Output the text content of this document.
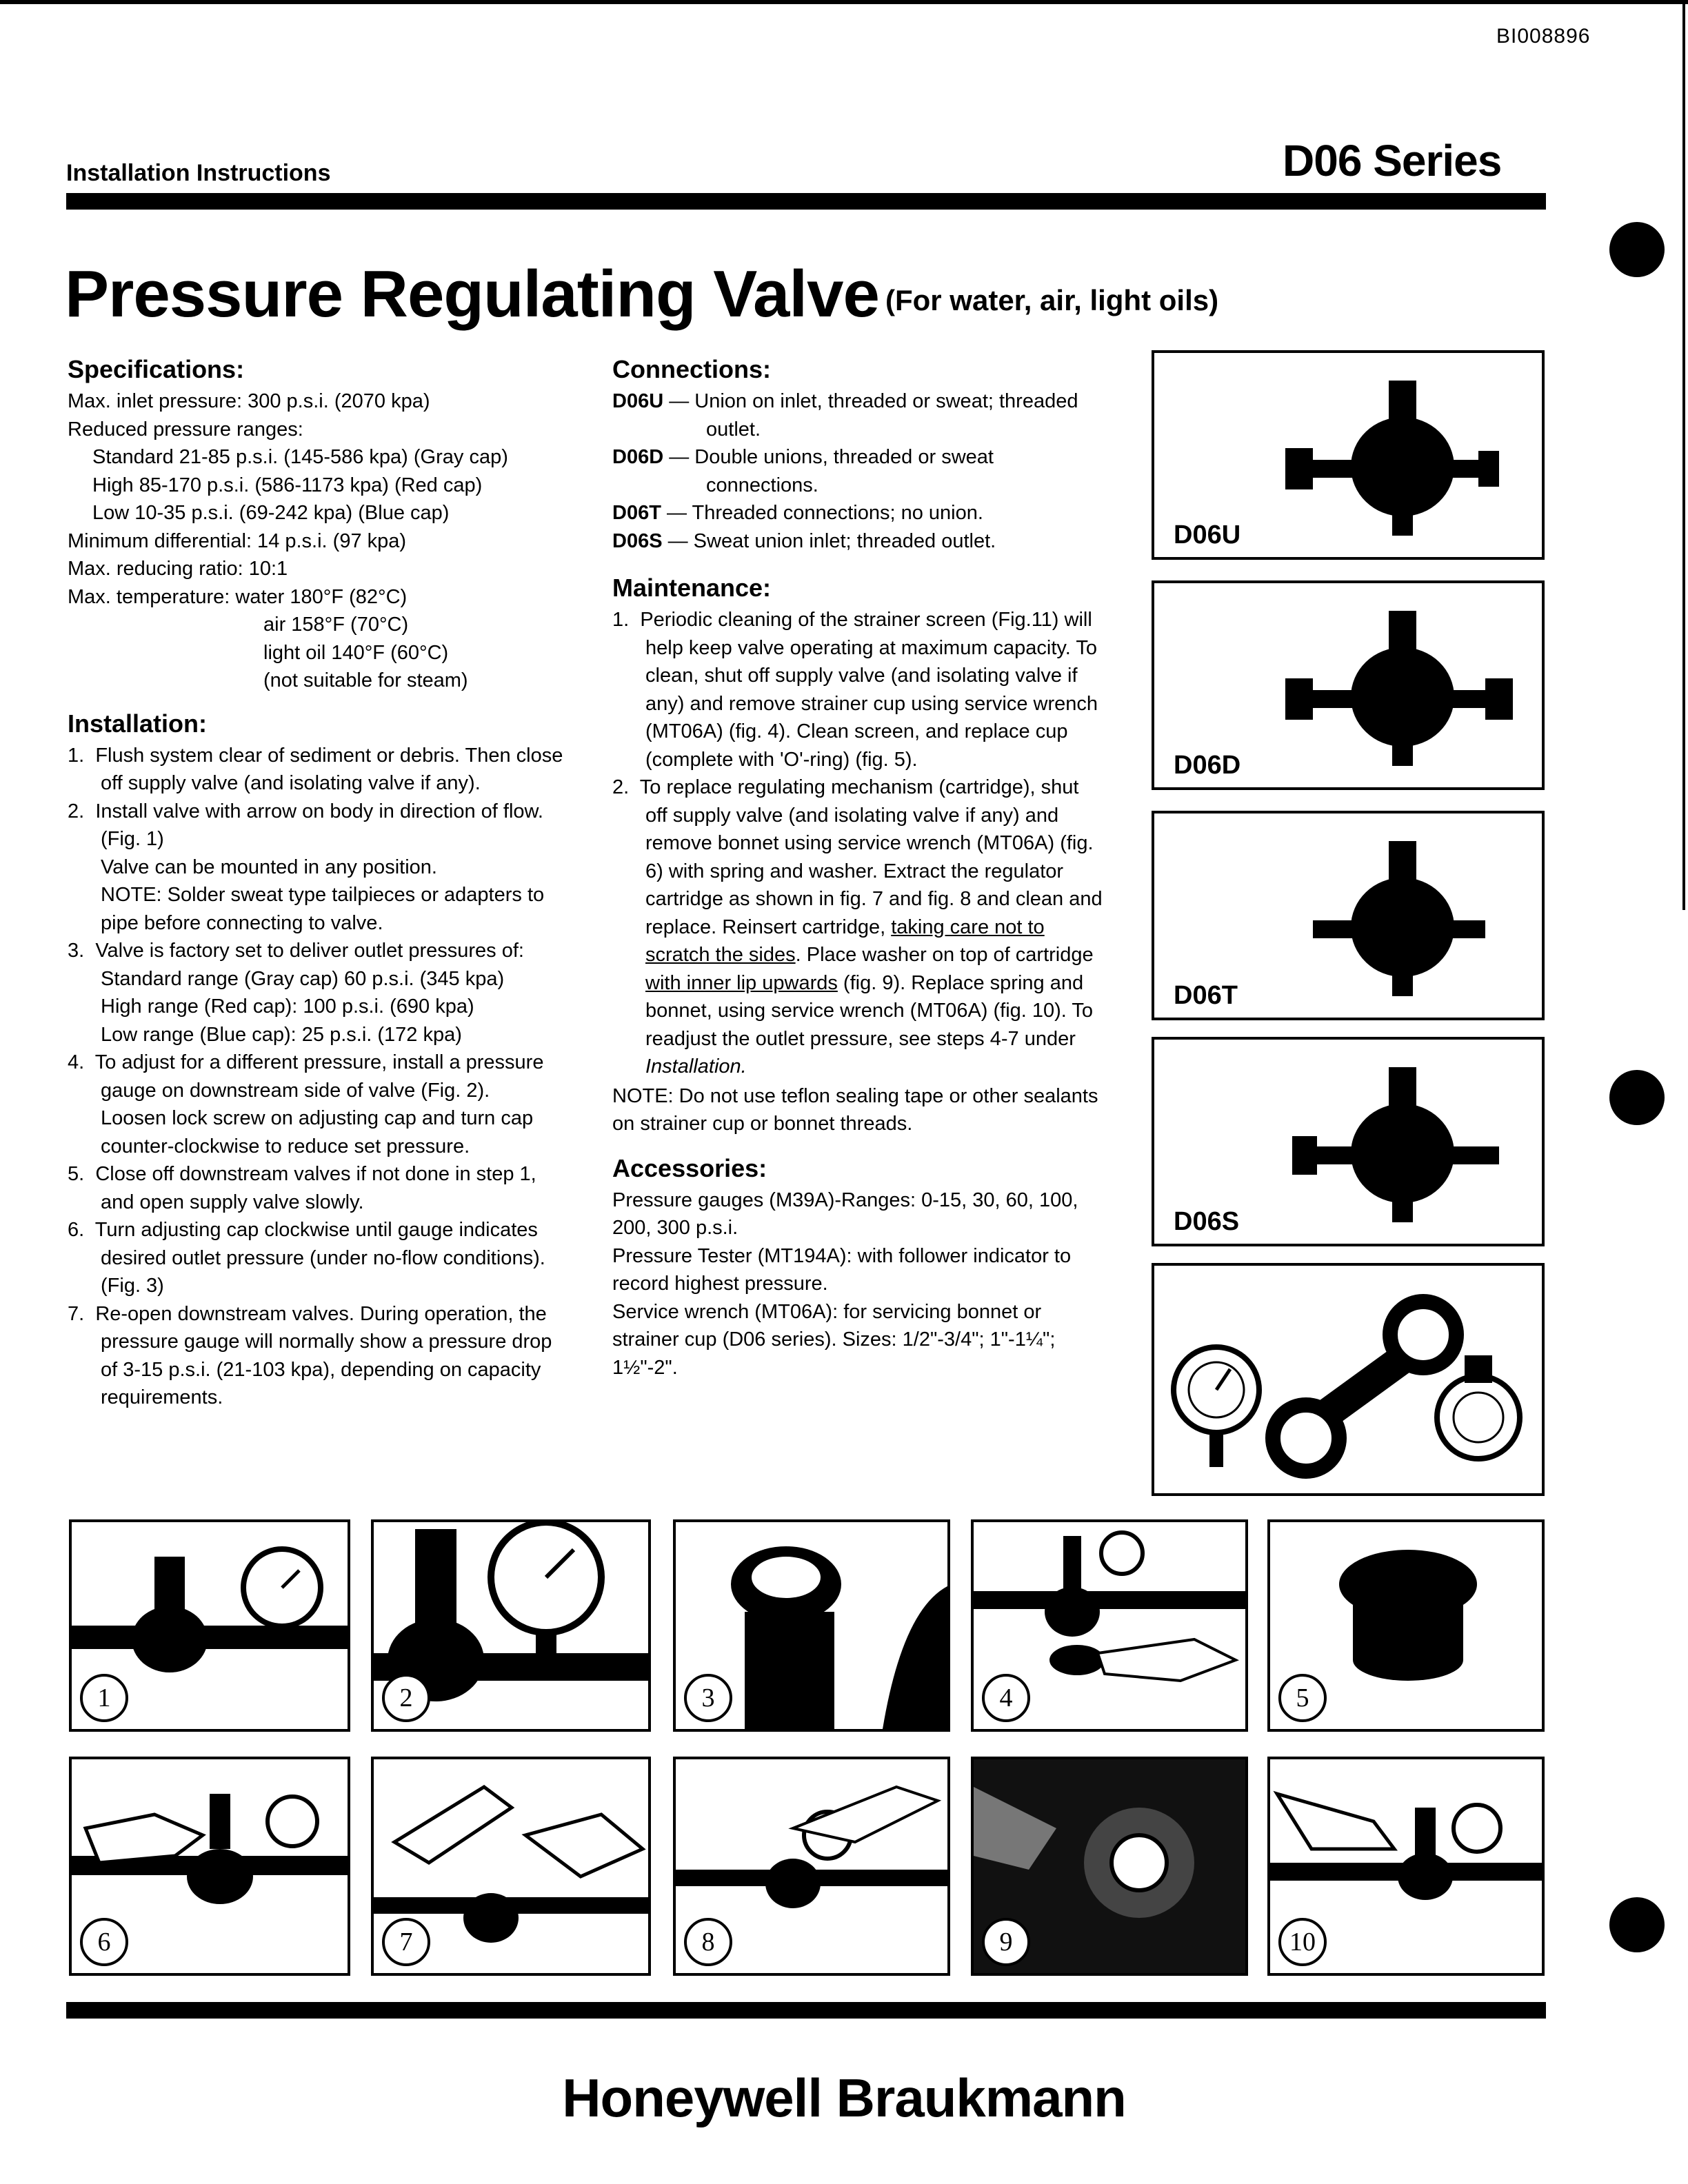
BI008896
Installation Instructions	D06 Series
Pressure Regulating Valve (For water, air, light oils)

Specifications:

Max. inlet pressure: 300 p.s.i. (2070 kpa)

Reduced pressure ranges:

Standard 21-85 p.s.i. (145-586 kpa) (Gray cap)

High 85-170 p.s.i. (586-1173 kpa) (Red cap)

Low 10-35 p.s.i. (69-242 kpa) (Blue cap)

Minimum differential: 14 p.s.i. (97 kpa)

Max. reducing ratio: 10:1

Max. temperature: water 180°F (82°C)

air 158°F (70°C)

light oil 140°F (60°C)

(not suitable for steam)

Installation:

1. Flush system clear of sediment or debris. Then close off supply valve (and isolating valve if any).
2. Install valve with arrow on body in direction of flow. (Fig. 1)

Valve can be mounted in any position.

NOTE: Solder sweat type tailpieces or adapters to pipe before connecting to valve.

3. Valve is factory set to deliver outlet pressures of:

Standard range (Gray cap) 60 p.s.i. (345 kpa)

High range (Red cap): 100 p.s.i. (690 kpa)

Low range (Blue cap): 25 p.s.i. (172 kpa)

4. To adjust for a different pressure, install a pressure gauge on downstream side of valve (Fig. 2).

Loosen lock screw on adjusting cap and turn cap counter-clockwise to reduce set pressure.

5. Close off downstream valves if not done in step 1, and open supply valve slowly.
6. Turn adjusting cap clockwise until gauge indicates desired outlet pressure (under no-flow conditions). (Fig. 3)
7. Re-open downstream valves. During operation, the pressure gauge will normally show a pressure drop of 3-15 p.s.i. (21-103 kpa), depending on capacity requirements.

Connections:

D06U — Union on inlet, threaded or sweat; threaded outlet.
D06D — Double unions, threaded or sweat connections.
D06T — Threaded connections; no union.
D06S — Sweat union inlet; threaded outlet.

Maintenance:

1. Periodic cleaning of the strainer screen (Fig.11) will help keep valve operating at maximum capacity. To clean, shut off supply valve (and isolating valve if any) and remove strainer cup using service wrench (MT06A) (fig. 4). Clean screen, and replace cup (complete with 'O'-ring) (fig. 5).
2. To replace regulating mechanism (cartridge), shut off supply valve (and isolating valve if any) and remove bonnet using service wrench (MT06A) (fig. 6) with spring and washer. Extract the regulator cartridge as shown in fig. 7 and fig. 8 and clean and replace. Reinsert cartridge, taking care not to scratch the sides. Place washer on top of cartridge with inner lip upwards (fig. 9). Replace spring and bonnet, using service wrench (MT06A) (fig. 10). To readjust the outlet pressure, see steps 4-7 under Installation.

NOTE: Do not use teflon sealing tape or other sealants on strainer cup or bonnet threads.

Accessories:

Pressure gauges (M39A)-Ranges: 0-15, 30, 60, 100, 200, 300 p.s.i.

Pressure Tester (MT194A): with follower indicator to record highest pressure.

Service wrench (MT06A): for servicing bonnet or strainer cup (D06 series). Sizes: 1/2"-3/4"; 1"-1¼"; 1½"-2".

D06U
D06D
D06T
D06S
1	2	3	4	5
6	7	8	9	10
Honeywell Braukmann
